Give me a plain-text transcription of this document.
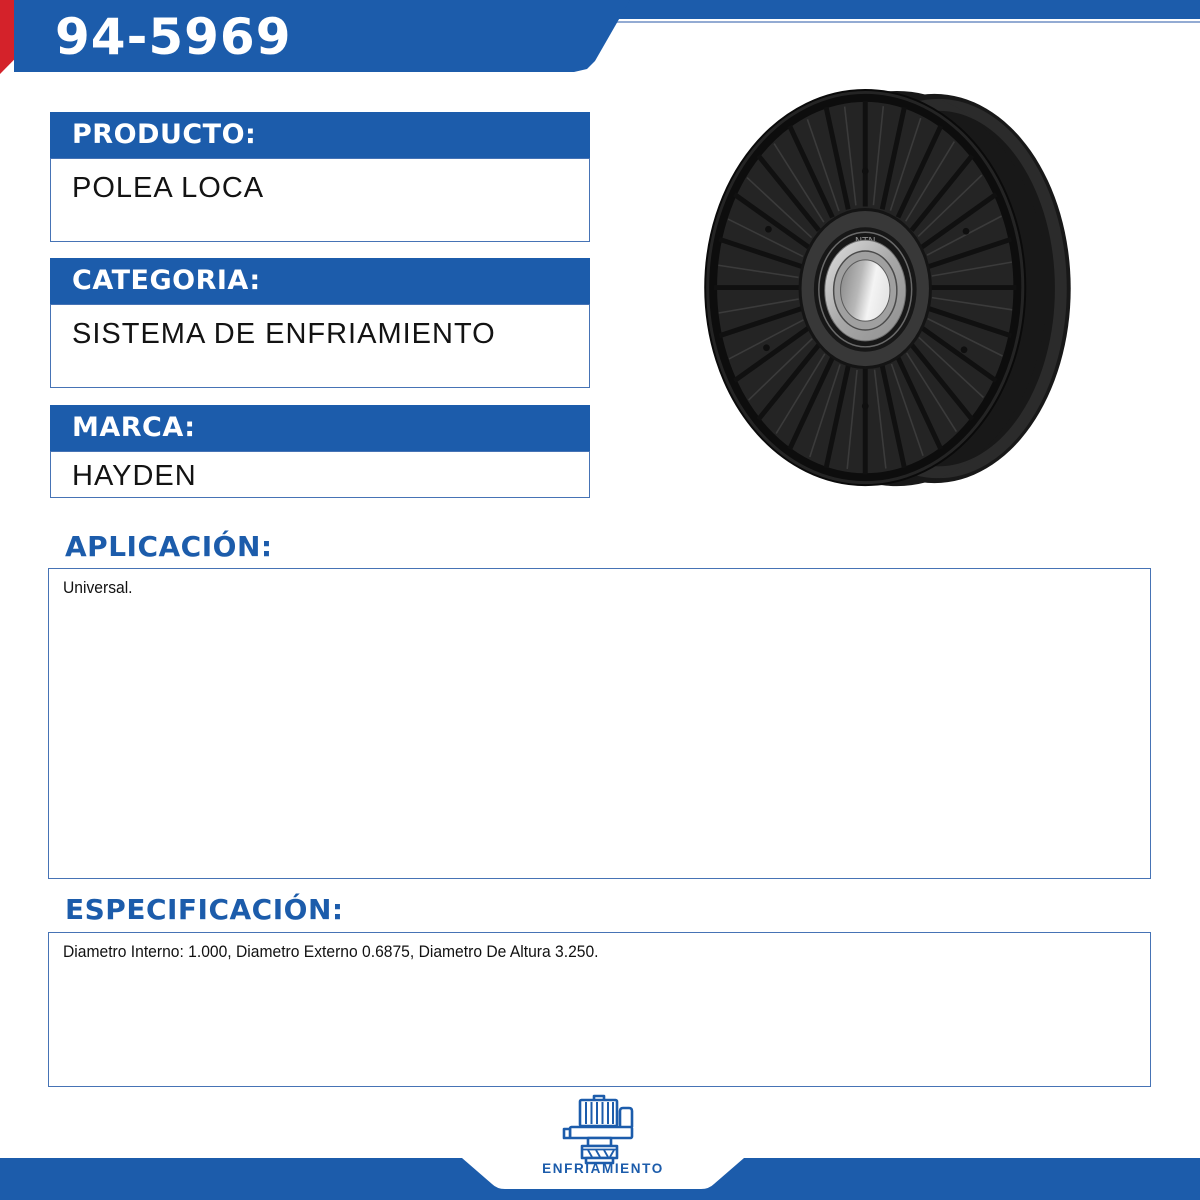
94-5969
PRODUCTO:
POLEA LOCA
CATEGORIA:
SISTEMA DE ENFRIAMIENTO
MARCA:
HAYDEN
APLICACIÓN:
Universal.
ESPECIFICACIÓN:
Diametro Interno: 1.000, Diametro Externo 0.6875, Diametro De Altura 3.250.
ENFRIAMIENTO
